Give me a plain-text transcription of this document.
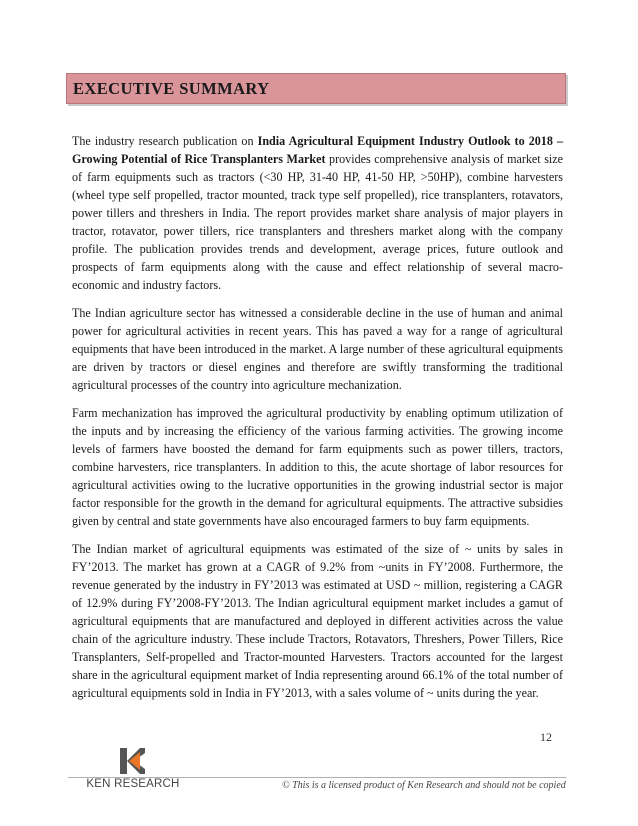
EXECUTIVE SUMMARY

The industry research publication on India Agricultural Equipment Industry Outlook to 2018 – Growing Potential of Rice Transplanters Market provides comprehensive analysis of market size of farm equipments such as tractors (<30 HP, 31-40 HP, 41-50 HP, >50HP), combine harvesters (wheel type self propelled, tractor mounted, track type self propelled), rice transplanters, rotavators, power tillers and threshers in India. The report provides market share analysis of major players in tractor, rotavator, power tillers, rice transplanters and threshers market along with the company profile. The publication provides trends and development, average prices, future outlook and prospects of farm equipments along with the cause and effect relationship of several macro-economic and industry factors.

The Indian agriculture sector has witnessed a considerable decline in the use of human and animal power for agricultural activities in recent years. This has paved a way for a range of agricultural equipments that have been introduced in the market. A large number of these agricultural equipments are driven by tractors or diesel engines and therefore are swiftly transforming the traditional agricultural processes of the country into agriculture mechanization.

Farm mechanization has improved the agricultural productivity by enabling optimum utilization of the inputs and by increasing the efficiency of the various farming activities. The growing income levels of farmers have boosted the demand for farm equipments such as power tillers, tractors, combine harvesters, rice transplanters. In addition to this, the acute shortage of labor resources for agricultural activities owing to the lucrative opportunities in the growing industrial sector is major factor responsible for the growth in the demand for agricultural equipments. The attractive subsidies given by central and state governments have also encouraged farmers to buy farm equipments.

The Indian market of agricultural equipments was estimated of the size of ~ units by sales in FY’2013. The market has grown at a CAGR of 9.2% from ~units in FY’2008. Furthermore, the revenue generated by the industry in FY’2013 was estimated at USD ~ million, registering a CAGR of 12.9% during FY’2008-FY’2013. The Indian agricultural equipment market includes a gamut of agricultural equipments that are manufactured and deployed in different activities across the value chain of the agriculture industry. These include Tractors, Rotavators, Threshers, Power Tillers, Rice Transplanters, Self-propelled and Tractor-mounted Harvesters. Tractors accounted for the largest share in the agricultural equipment market of India representing around 66.1% of the total number of agricultural equipments sold in India in FY’2013, with a sales volume of ~ units during the year.

12
KEN RESEARCH	© This is a licensed product of Ken Research and should not be copied
